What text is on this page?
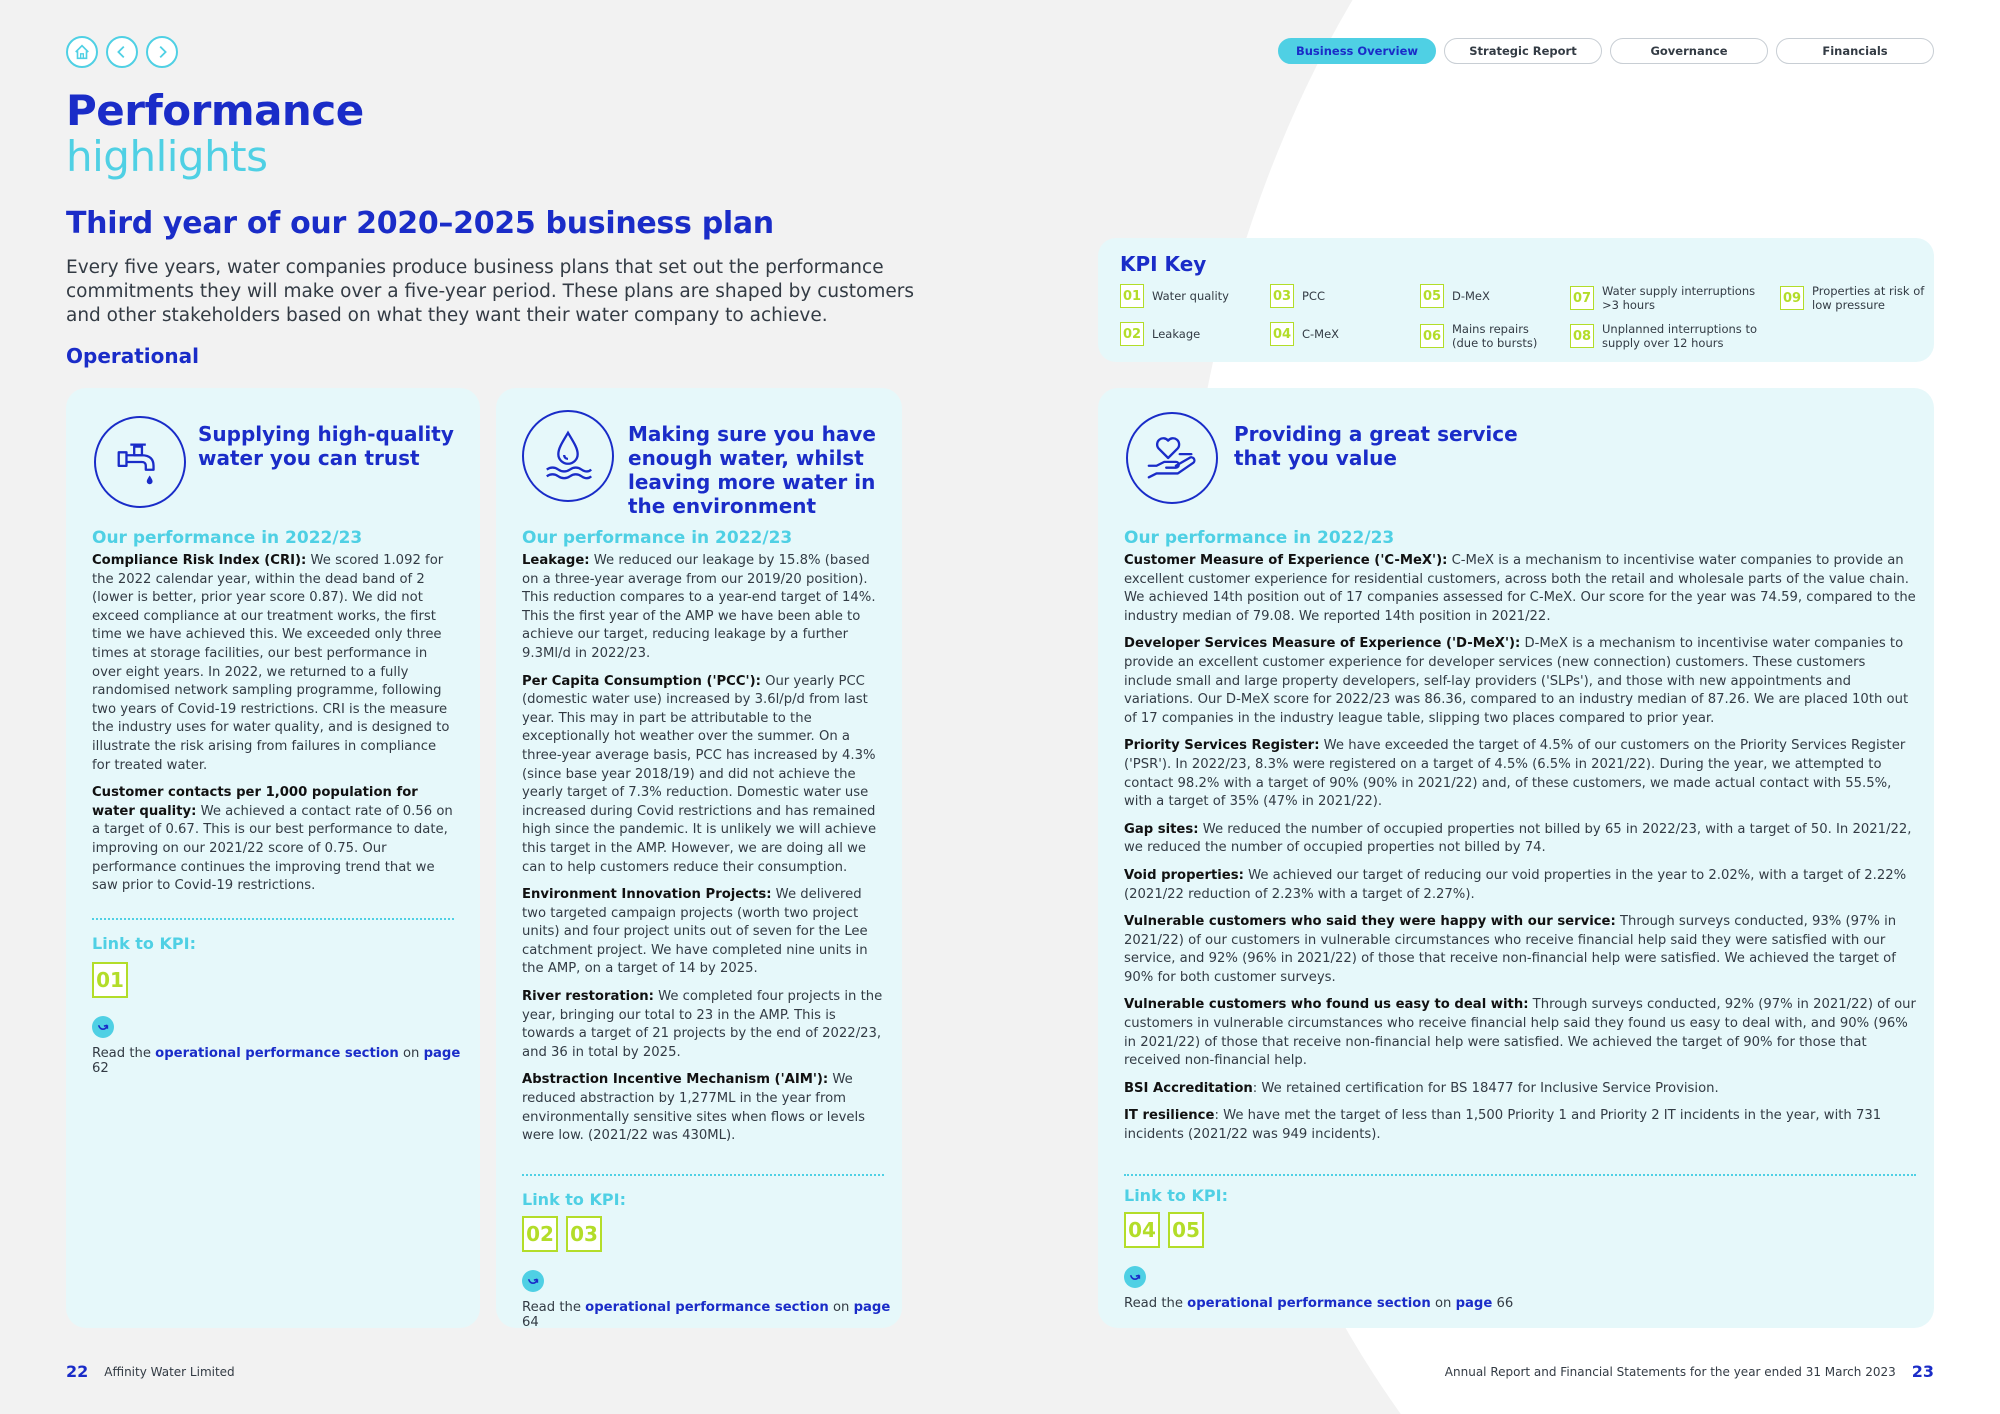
Business Overview	Strategic Report	Governance	Financials
Performance
highlights
Third year of our 2020–2025 business plan
Every five years, water companies produce business plans that set out the performance commitments they will make over a five-year period. These plans are shaped by customers and other stakeholders based on what they want their water company to achieve.
Operational
KPI Key
01 Water quality
02 Leakage
03 PCC
04 C-MeX
05 D-MeX
06 Mains repairs (due to bursts)
07 Water supply interruptions >3 hours
08 Unplanned interruptions to supply over 12 hours
09 Properties at risk of low pressure
Supplying high-quality water you can trust
Our performance in 2022/23

Compliance Risk Index (CRI): We scored 1.092 for the 2022 calendar year, within the dead band of 2 (lower is better, prior year score 0.87). We did not exceed compliance at our treatment works, the first time we have achieved this. We exceeded only three times at storage facilities, our best performance in over eight years. In 2022, we returned to a fully randomised network sampling programme, following two years of Covid-19 restrictions. CRI is the measure the industry uses for water quality, and is designed to illustrate the risk arising from failures in compliance for treated water.

Customer contacts per 1,000 population for water quality: We achieved a contact rate of 0.56 on a target of 0.67. This is our best performance to date, improving on our 2021/22 score of 0.75. Our performance continues the improving trend that we saw prior to Covid-19 restrictions.

Link to KPI:
01
Read the operational performance section on page 62
Making sure you have enough water, whilst leaving more water in the environment
Our performance in 2022/23

Leakage: We reduced our leakage by 15.8% (based on a three-year average from our 2019/20 position). This reduction compares to a year-end target of 14%. This the first year of the AMP we have been able to achieve our target, reducing leakage by a further 9.3Ml/d in 2022/23.

Per Capita Consumption ('PCC'): Our yearly PCC (domestic water use) increased by 3.6l/p/d from last year. This may in part be attributable to the exceptionally hot weather over the summer. On a three-year average basis, PCC has increased by 4.3% (since base year 2018/19) and did not achieve the yearly target of 7.3% reduction. Domestic water use increased during Covid restrictions and has remained high since the pandemic. It is unlikely we will achieve this target in the AMP. However, we are doing all we can to help customers reduce their consumption.

Environment Innovation Projects: We delivered two targeted campaign projects (worth two project units) and four project units out of seven for the Lee catchment project. We have completed nine units in the AMP, on a target of 14 by 2025.

River restoration: We completed four projects in the year, bringing our total to 23 in the AMP. This is towards a target of 21 projects by the end of 2022/23, and 36 in total by 2025.

Abstraction Incentive Mechanism ('AIM'): We reduced abstraction by 1,277ML in the year from environmentally sensitive sites when flows or levels were low. (2021/22 was 430ML).

Link to KPI:
02 03
Read the operational performance section on page 64
Providing a great service that you value
Our performance in 2022/23

Customer Measure of Experience ('C-MeX'): C-MeX is a mechanism to incentivise water companies to provide an excellent customer experience for residential customers, across both the retail and wholesale parts of the value chain. We achieved 14th position out of 17 companies assessed for C-MeX. Our score for the year was 74.59, compared to the industry median of 79.08. We reported 14th position in 2021/22.

Developer Services Measure of Experience ('D-MeX'): D-MeX is a mechanism to incentivise water companies to provide an excellent customer experience for developer services (new connection) customers. These customers include small and large property developers, self-lay providers ('SLPs'), and those with new appointments and variations. Our D-MeX score for 2022/23 was 86.36, compared to an industry median of 87.26. We are placed 10th out of 17 companies in the industry league table, slipping two places compared to prior year.

Priority Services Register: We have exceeded the target of 4.5% of our customers on the Priority Services Register ('PSR'). In 2022/23, 8.3% were registered on a target of 4.5% (6.5% in 2021/22). During the year, we attempted to contact 98.2% with a target of 90% (90% in 2021/22) and, of these customers, we made actual contact with 55.5%, with a target of 35% (47% in 2021/22).

Gap sites: We reduced the number of occupied properties not billed by 65 in 2022/23, with a target of 50. In 2021/22, we reduced the number of occupied properties not billed by 74.

Void properties: We achieved our target of reducing our void properties in the year to 2.02%, with a target of 2.22% (2021/22 reduction of 2.23% with a target of 2.27%).

Vulnerable customers who said they were happy with our service: Through surveys conducted, 93% (97% in 2021/22) of our customers in vulnerable circumstances who receive financial help said they were satisfied with our service, and 92% (96% in 2021/22) of those that receive non-financial help were satisfied. We achieved the target of 90% for both customer surveys.

Vulnerable customers who found us easy to deal with: Through surveys conducted, 92% (97% in 2021/22) of our customers in vulnerable circumstances who receive financial help said they found us easy to deal with, and 90% (96% in 2021/22) of those that receive non-financial help were satisfied. We achieved the target of 90% for those that received non-financial help.

BSI Accreditation: We retained certification for BS 18477 for Inclusive Service Provision.

IT resilience: We have met the target of less than 1,500 Priority 1 and Priority 2 IT incidents in the year, with 731 incidents (2021/22 was 949 incidents).

Link to KPI:
04 05
Read the operational performance section on page 66
22 Affinity Water Limited	Annual Report and Financial Statements for the year ended 31 March 2023 23
